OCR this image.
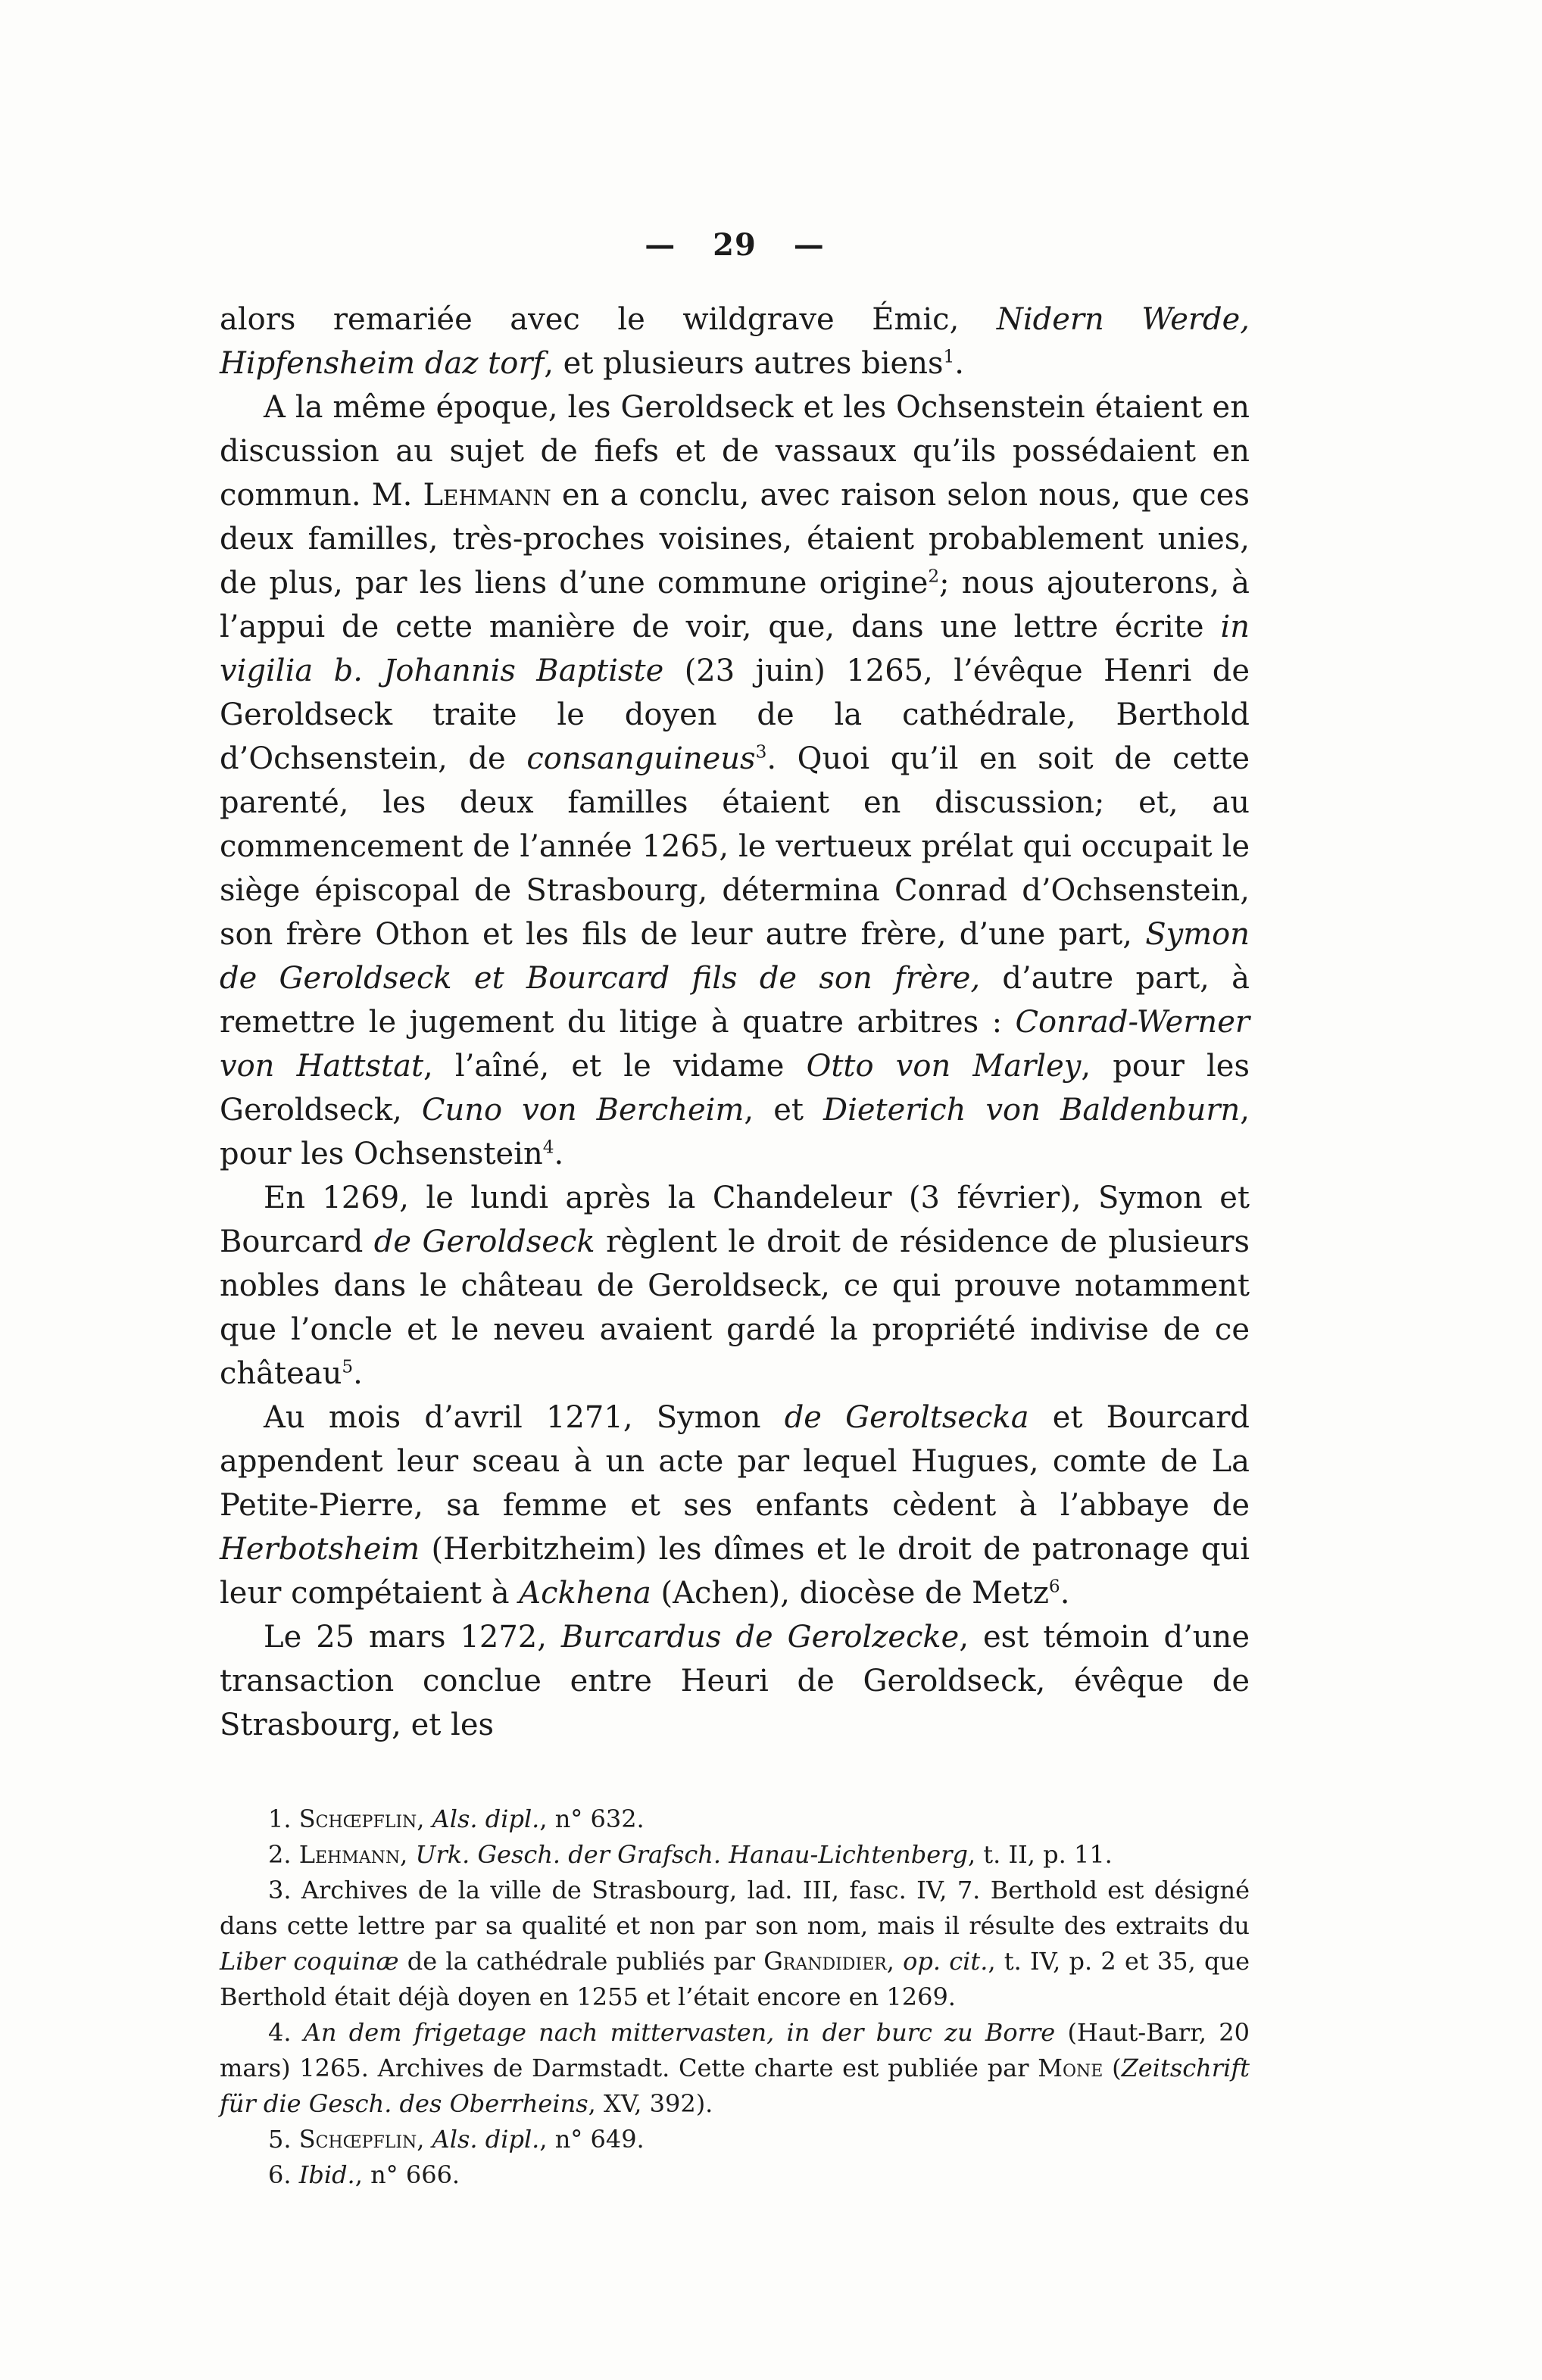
— 29 —

alors remariée avec le wildgrave Émic, Nidern Werde, Hipfensheim daz torf, et plusieurs autres biens$^1$.

A la même époque, les Geroldseck et les Ochsenstein étaient en discussion au sujet de fiefs et de vassaux qu’ils possédaient en commun. M. Lehmann en a conclu, avec raison selon nous, que ces deux familles, très-proches voisines, étaient probablement unies, de plus, par les liens d’une commune origine$^2$; nous ajouterons, à l’appui de cette manière de voir, que, dans une lettre écrite in vigilia b. Johannis Baptiste (23 juin) 1265, l’évêque Henri de Geroldseck traite le doyen de la cathédrale, Berthold d’Ochsenstein, de consanguineus$^3$. Quoi qu’il en soit de cette parenté, les deux familles étaient en discussion; et, au commencement de l’année 1265, le vertueux prélat qui occupait le siège épiscopal de Strasbourg, détermina Conrad d’Ochsenstein, son frère Othon et les fils de leur autre frère, d’une part, Symon de Geroldseck et Bourcard fils de son frère, d’autre part, à remettre le jugement du litige à quatre arbitres : Conrad-Werner von Hattstat, l’aîné, et le vidame Otto von Marley, pour les Geroldseck, Cuno von Bercheim, et Dieterich von Baldenburn, pour les Ochsenstein$^4$.

En 1269, le lundi après la Chandeleur (3 février), Symon et Bourcard de Geroldseck règlent le droit de résidence de plusieurs nobles dans le château de Geroldseck, ce qui prouve notamment que l’oncle et le neveu avaient gardé la propriété indivise de ce château$^5$.

Au mois d’avril 1271, Symon de Geroltsecka et Bourcard appendent leur sceau à un acte par lequel Hugues, comte de La Petite-Pierre, sa femme et ses enfants cèdent à l’abbaye de Herbotsheim (Herbitzheim) les dîmes et le droit de patronage qui leur compétaient à Ackhena (Achen), diocèse de Metz$^6$.

Le 25 mars 1272, Burcardus de Gerolzecke, est témoin d’une transaction conclue entre Heuri de Geroldseck, évêque de Strasbourg, et les

1. Schœpflin, Als. dipl., n° 632.

2. Lehmann, Urk. Gesch. der Grafsch. Hanau-Lichtenberg, t. II, p. 11.

3. Archives de la ville de Strasbourg, lad. III, fasc. IV, 7. Berthold est désigné dans cette lettre par sa qualité et non par son nom, mais il résulte des extraits du Liber coquinæ de la cathédrale publiés par Grandidier, op. cit., t. IV, p. 2 et 35, que Berthold était déjà doyen en 1255 et l’était encore en 1269.

4. An dem frigetage nach mittervasten, in der burc zu Borre (Haut-Barr, 20 mars) 1265. Archives de Darmstadt. Cette charte est publiée par Mone (Zeitschrift für die Gesch. des Oberrheins, XV, 392).

5. Schœpflin, Als. dipl., n° 649.

6. Ibid., n° 666.
